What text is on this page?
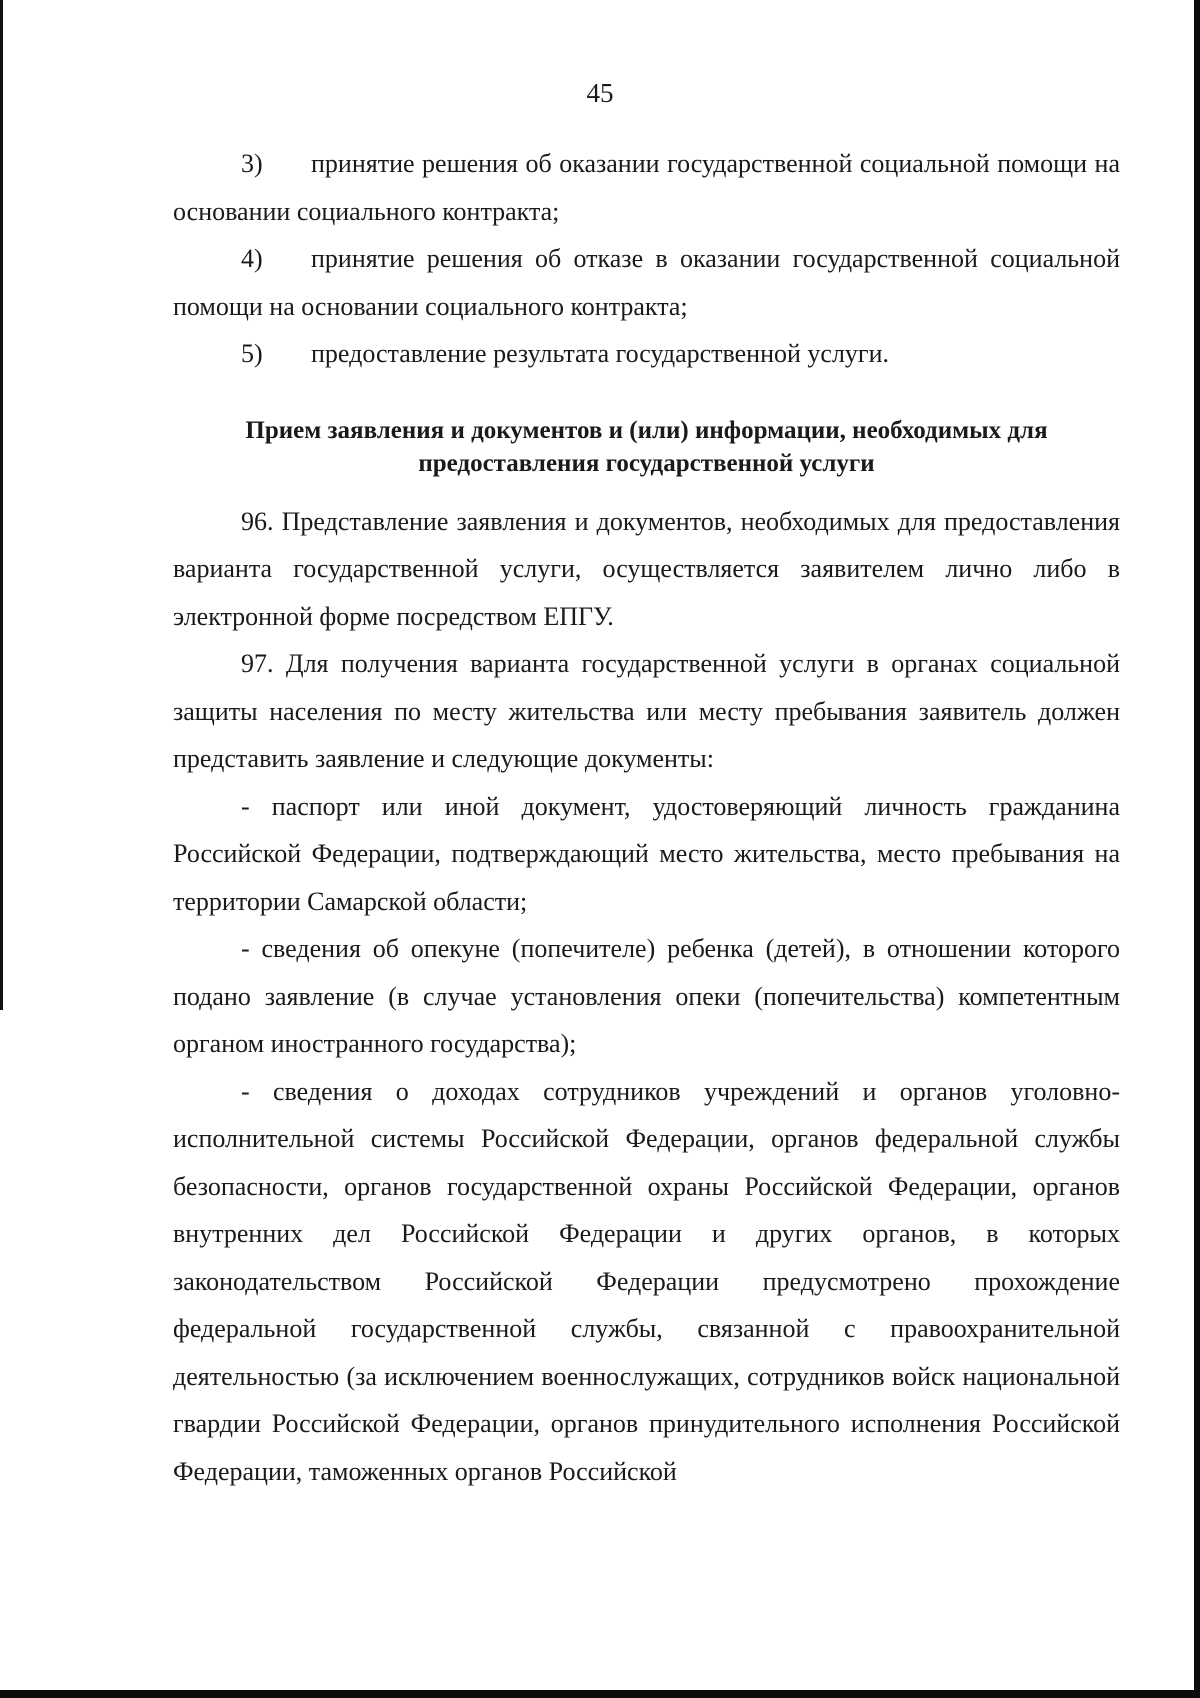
45

3) принятие решения об оказании государственной социальной помощи на основании социального контракта;

4) принятие решения об отказе в оказании государственной социальной помощи на основании социального контракта;

5) предоставление результата государственной услуги.

Прием заявления и документов и (или) информации, необходимых для
предоставления государственной услуги

96. Представление заявления и документов, необходимых для предоставления варианта государственной услуги, осуществляется заявителем лично либо в электронной форме посредством ЕПГУ.

97. Для получения варианта государственной услуги в органах социальной защиты населения по месту жительства или месту пребывания заявитель должен представить заявление и следующие документы:

- паспорт или иной документ, удостоверяющий личность гражданина Российской Федерации, подтверждающий место жительства, место пребывания на территории Самарской области;

- сведения об опекуне (попечителе) ребенка (детей), в отношении которого подано заявление (в случае установления опеки (попечительства) компетентным органом иностранного государства);

- сведения о доходах сотрудников учреждений и органов уголовно-исполнительной системы Российской Федерации, органов федеральной службы безопасности, органов государственной охраны Российской Федерации, органов внутренних дел Российской Федерации и других органов, в которых законодательством Российской Федерации предусмотрено прохождение федеральной государственной службы, связанной с правоохранительной деятельностью (за исключением военнослужащих, сотрудников войск национальной гвардии Российской Федерации, органов принудительного исполнения Российской Федерации, таможенных органов Российской
